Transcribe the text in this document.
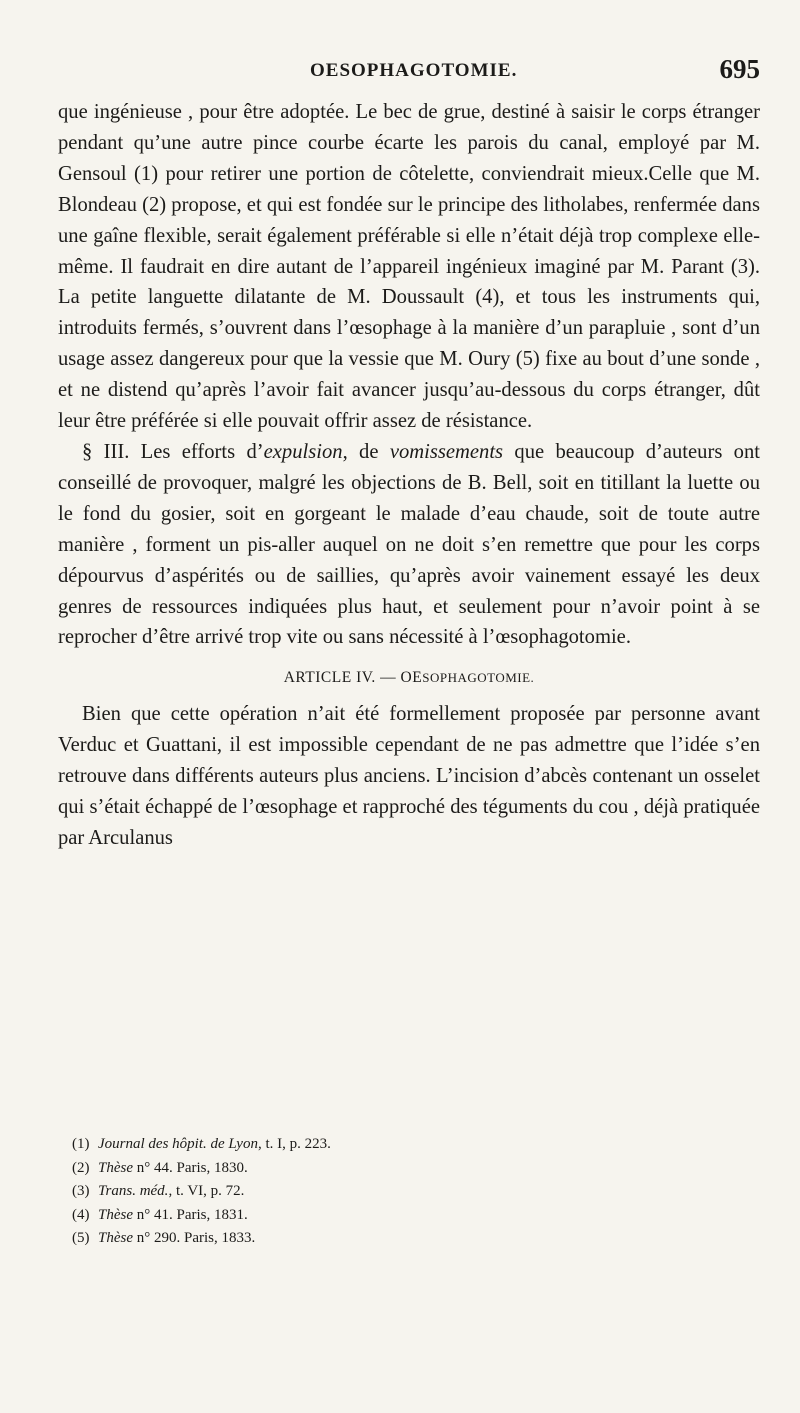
OESOPHAGOTOMIE.	695

que ingénieuse , pour être adoptée. Le bec de grue, destiné à saisir le corps étranger pendant qu’une autre pince courbe écarte les parois du canal, employé par M. Gensoul (1) pour retirer une portion de côtelette, conviendrait mieux.Celle que M. Blondeau (2) propose, et qui est fondée sur le principe des litholabes, renfermée dans une gaîne flexible, serait également préférable si elle n’était déjà trop complexe elle-même. Il faudrait en dire autant de l’appareil ingénieux imaginé par M. Parant (3). La petite languette dilatante de M. Doussault (4), et tous les instruments qui, introduits fermés, s’ouvrent dans l’œsophage à la manière d’un parapluie , sont d’un usage assez dangereux pour que la vessie que M. Oury (5) fixe au bout d’une sonde , et ne distend qu’après l’avoir fait avancer jusqu’au-dessous du corps étranger, dût leur être préférée si elle pouvait offrir assez de résistance.

§ III. Les efforts d’expulsion, de vomissements que beaucoup d’auteurs ont conseillé de provoquer, malgré les objections de B. Bell, soit en titillant la luette ou le fond du gosier, soit en gorgeant le malade d’eau chaude, soit de toute autre manière , forment un pis-aller auquel on ne doit s’en remettre que pour les corps dépourvus d’aspérités ou de saillies, qu’après avoir vainement essayé les deux genres de ressources indiquées plus haut, et seulement pour n’avoir point à se reprocher d’être arrivé trop vite ou sans nécessité à l’œsophagotomie.

ARTICLE IV. — OESOPHAGOTOMIE.

Bien que cette opération n’ait été formellement proposée par personne avant Verduc et Guattani, il est impossible cependant de ne pas admettre que l’idée s’en retrouve dans différents auteurs plus anciens. L’incision d’abcès contenant un osselet qui s’était échappé de l’œsophage et rapproché des téguments du cou , déjà pratiquée par Arculanus

(1) Journal des hôpit. de Lyon, t. I, p. 223.

(2) Thèse n° 44. Paris, 1830.

(3) Trans. méd., t. VI, p. 72.

(4) Thèse n° 41. Paris, 1831.

(5) Thèse n° 290. Paris, 1833.
